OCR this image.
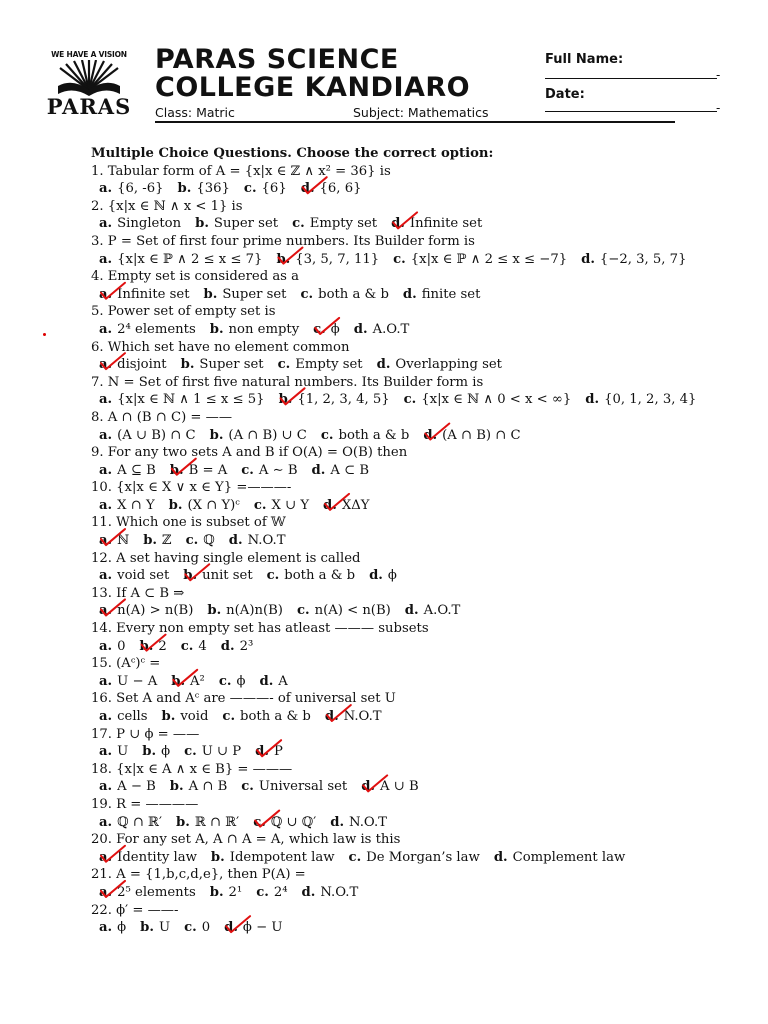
WE HAVE A VISION
PARAS
PARAS SCIENCE
COLLEGE KANDIARO
Class: Matric	Subject: Mathematics
Full Name:
-
Date:
-
Multiple Choice Questions. Choose the correct option:
1. Tabular form of A = {x|x ∈ ℤ ∧ x² = 36} is
a. {6, -6} b. {36} c. {6} d. {6, 6}
2. {x|x ∈ ℕ ∧ x < 1} is
a. Singleton b. Super set c. Empty set d. Infinite set
3. P = Set of first four prime numbers. Its Builder form is
a. {x|x ∈ ℙ ∧ 2 ≤ x ≤ 7} b. {3, 5, 7, 11} c. {x|x ∈ ℙ ∧ 2 ≤ x ≤ −7} d. {−2, 3, 5, 7}
4. Empty set is considered as a
a. Infinite set b. Super set c. both a & b d. finite set
5. Power set of empty set is
a. 2⁴ elements b. non empty c. ϕ d. A.O.T
6. Which set have no element common
a. disjoint b. Super set c. Empty set d. Overlapping set
7. N = Set of first five natural numbers. Its Builder form is
a. {x|x ∈ ℕ ∧ 1 ≤ x ≤ 5} b. {1, 2, 3, 4, 5} c. {x|x ∈ ℕ ∧ 0 < x < ∞} d. {0, 1, 2, 3, 4}
8. A ∩ (B ∩ C) = ——
a. (A ∪ B) ∩ C b. (A ∩ B) ∪ C c. both a & b d. (A ∩ B) ∩ C
9. For any two sets A and B if O(A) = O(B) then
a. A ⊆ B b. B = A c. A ∼ B d. A ⊂ B
10. {x|x ∈ X ∨ x ∈ Y} =———-
a. X ∩ Y b. (X ∩ Y)ᶜ c. X ∪ Y d. XΔY
11. Which one is subset of 𝕎
a. ℕ b. ℤ c. ℚ d. N.O.T
12. A set having single element is called
a. void set b. unit set c. both a & b d. ϕ
13. If A ⊂ B ⇒
a. n(A) > n(B) b. n(A)n(B) c. n(A) < n(B) d. A.O.T
14. Every non empty set has atleast ——— subsets
a. 0 b. 2 c. 4 d. 2³
15. (Aᶜ)ᶜ =
a. U − A b. A² c. ϕ d. A
16. Set A and Aᶜ are ———- of universal set U
a. cells b. void c. both a & b d. N.O.T
17. P ∪ ϕ = ——
a. U b. ϕ c. U ∪ P d. P
18. {x|x ∈ A ∧ x ∈ B} = ———
a. A − B b. A ∩ B c. Universal set d. A ∪ B
19. R = ————
a. ℚ ∩ ℝ′ b. ℝ ∩ ℝ′ c. ℚ ∪ ℚ′ d. N.O.T
20. For any set A, A ∩ A = A, which law is this
a. Identity law b. Idempotent law c. De Morgan’s law d. Complement law
21. A = {1,b,c,d,e}, then P(A) =
a. 2⁵ elements b. 2¹ c. 2⁴ d. N.O.T
22. ϕ′ = ——-
a. ϕ b. U c. 0 d. ϕ − U
